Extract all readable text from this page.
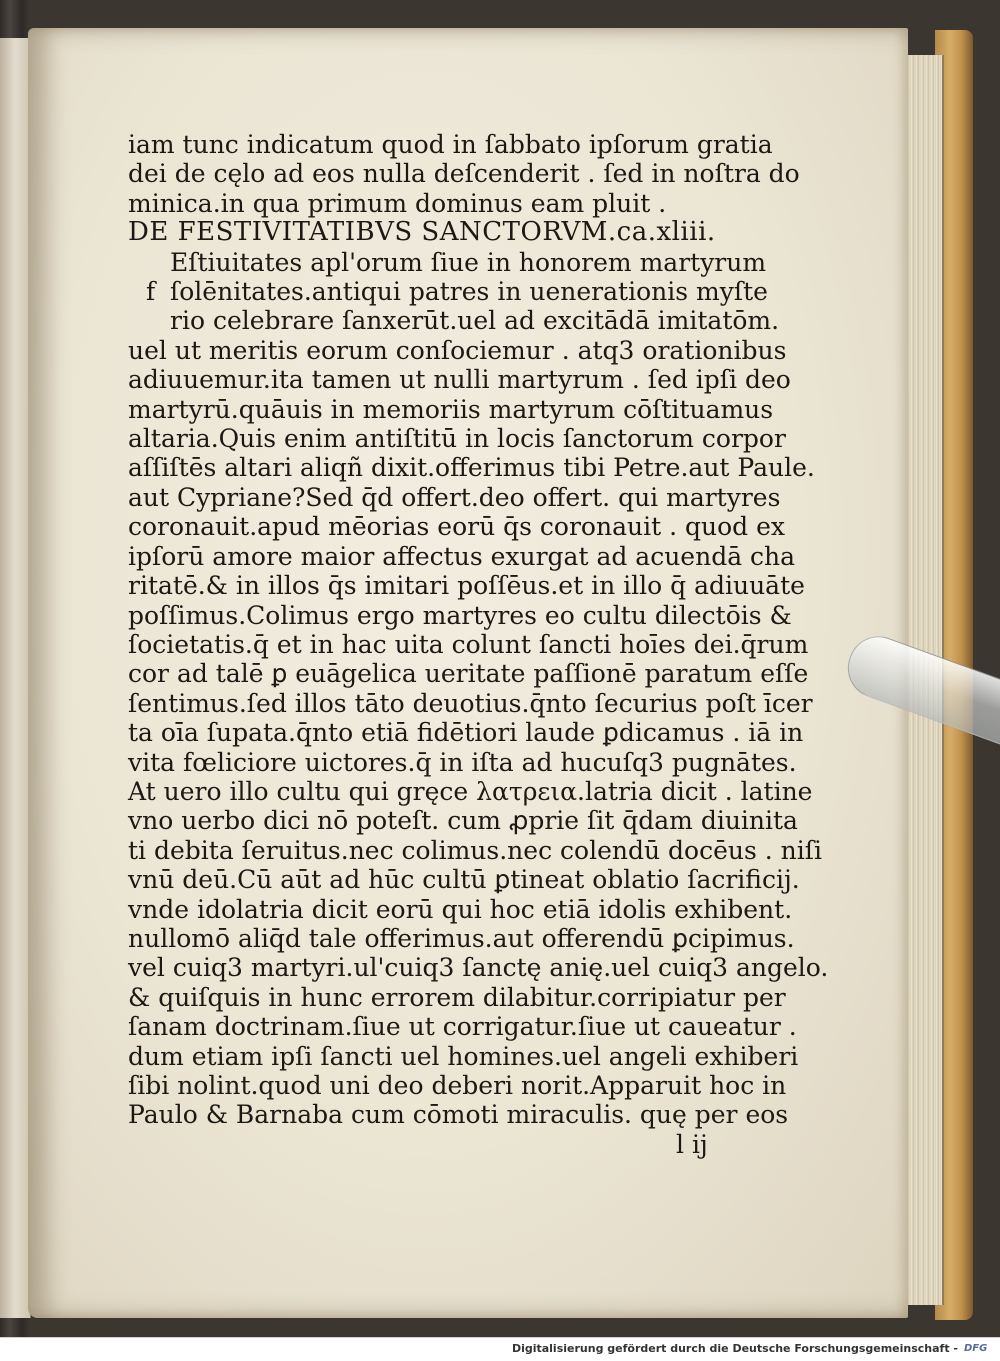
iam tunc indicatum quod in ſabbato ipſorum gratia
dei de cęlo ad eos nulla deſcenderit . ſed in noſtra do
minica.in qua primum dominus eam pluit .
DE FESTIVITATIBVS SANCTORVM.ca.xliii.
Eſtiuitates apl'orum ſiue in honorem martyrum
ſolēnitates.antiqui patres in uenerationis myſte
f
rio celebrare ſanxerūt.uel ad excitādā imitatōm.
uel ut meritis eorum conſociemur . atq3 orationibus
adiuuemur.ita tamen ut nulli martyrum . ſed ipſi deo
martyrū.quāuis in memoriis martyrum cōſtituamus
altaria.Quis enim antiſtitū in locis ſanctorum corpor
aſſiſtēs altari aliqñ dixit.offerimus tibi Petre.aut Paule.
aut Cypriane?Sed q̄d offert.deo offert. qui martyres
coronauit.apud mēorias eorū q̄s coronauit . quod ex
ipſorū amore maior affectus exurgat ad acuendā cha
ritatē.& in illos q̄s imitari poſſēus.et in illo q̄ adiuuāte
poſſimus.Colimus ergo martyres eo cultu dilectōis &
ſocietatis.q̄ et in hac uita colunt ſancti hoīes dei.q̄rum
cor ad talē ꝑ euāgelica ueritate paſſionē paratum eſſe
ſentimus.ſed illos tāto deuotius.q̄nto ſecurius poſt īcer
ta oīa ſupata.q̄nto etiā fidētiori laude ꝑdicamus . iā in
vita fœliciore uictores.q̄ in iſta ad hucuſq3 pugnātes.
At uero illo cultu qui gręce λατρεια.latria dicit . latine
vno uerbo dici nō poteſt. cum ꝓprie ſit q̄dam diuinita
ti debita ſeruitus.nec colimus.nec colendū docēus . niſi
vnū deū.Cū aūt ad hūc cultū ꝑtineat oblatio ſacrificij.
vnde idolatria dicit eorū qui hoc etiā idolis exhibent.
nullomō aliq̄d tale offerimus.aut offerendū ꝑcipimus.
vel cuiq3 martyri.ul'cuiq3 ſanctę anię.uel cuiq3 angelo.
& quiſquis in hunc errorem dilabitur.corripiatur per
ſanam doctrinam.ſiue ut corrigatur.ſiue ut caueatur .
dum etiam ipſi ſancti uel homines.uel angeli exhiberi
ſibi nolint.quod uni deo deberi norit.Apparuit hoc in
Paulo & Barnaba cum cōmoti miraculis. quę per eos
l ij
Digitalisierung gefördert durch die Deutsche Forschungsgemeinschaft - DFG
